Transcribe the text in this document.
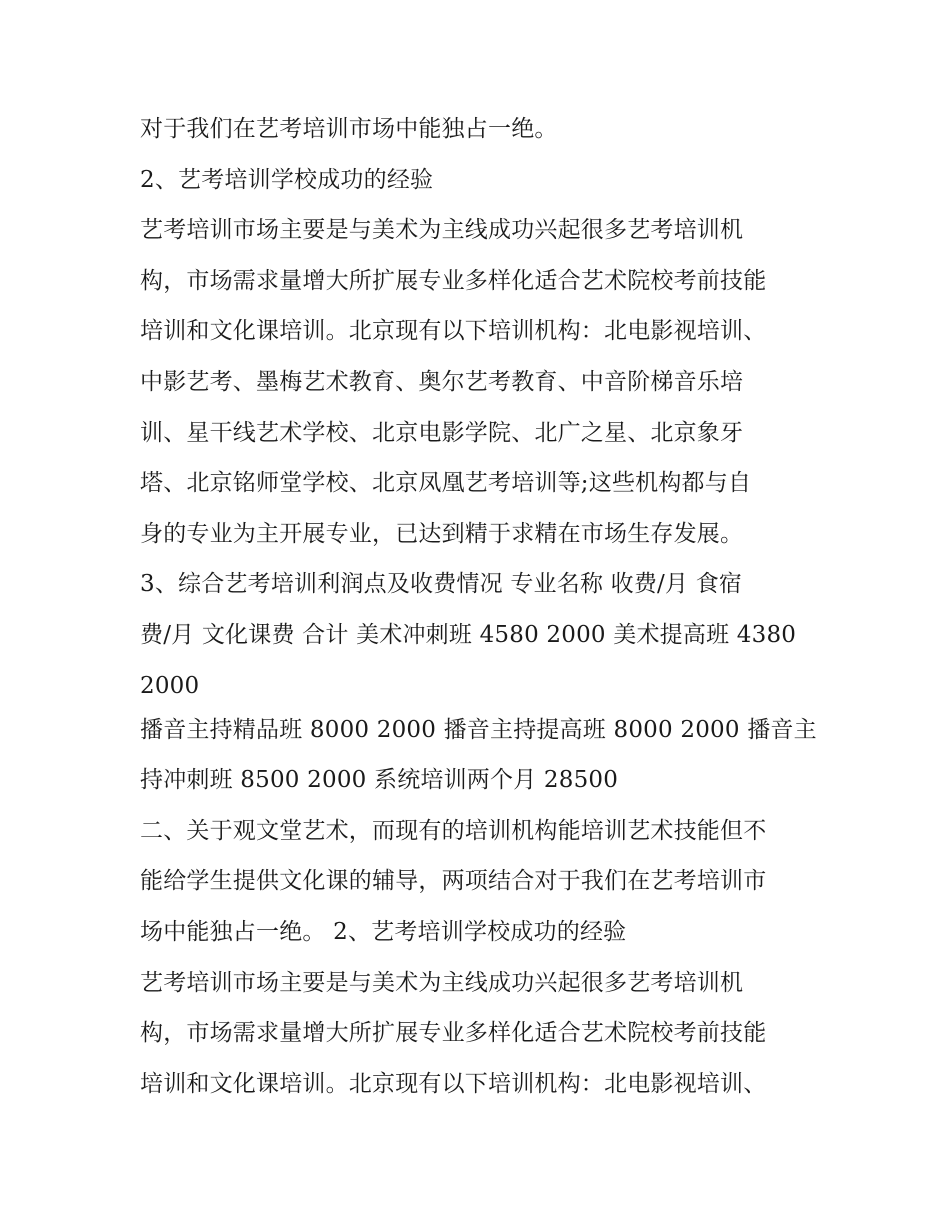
对于我们在艺考培训市场中能独占一绝。
2、艺考培训学校成功的经验
艺考培训市场主要是与美术为主线成功兴起很多艺考培训机
构，市场需求量增大所扩展专业多样化适合艺术院校考前技能
培训和文化课培训。北京现有以下培训机构：北电影视培训、
中影艺考、墨梅艺术教育、奥尔艺考教育、中音阶梯音乐培
训、星干线艺术学校、北京电影学院、北广之星、北京象牙
塔、北京铭师堂学校、北京凤凰艺考培训等;这些机构都与自
身的专业为主开展专业，已达到精于求精在市场生存发展。
3、综合艺考培训利润点及收费情况 专业名称 收费/月 食宿
费/月 文化课费 合计 美术冲刺班 4580 2000 美术提高班 4380
2000
播音主持精品班 8000 2000 播音主持提高班 8000 2000 播音主
持冲刺班 8500 2000 系统培训两个月 28500
二、关于观文堂艺术，而现有的培训机构能培训艺术技能但不
能给学生提供文化课的辅导，两项结合对于我们在艺考培训市
场中能独占一绝。 2、艺考培训学校成功的经验
艺考培训市场主要是与美术为主线成功兴起很多艺考培训机
构，市场需求量增大所扩展专业多样化适合艺术院校考前技能
培训和文化课培训。北京现有以下培训机构：北电影视培训、
